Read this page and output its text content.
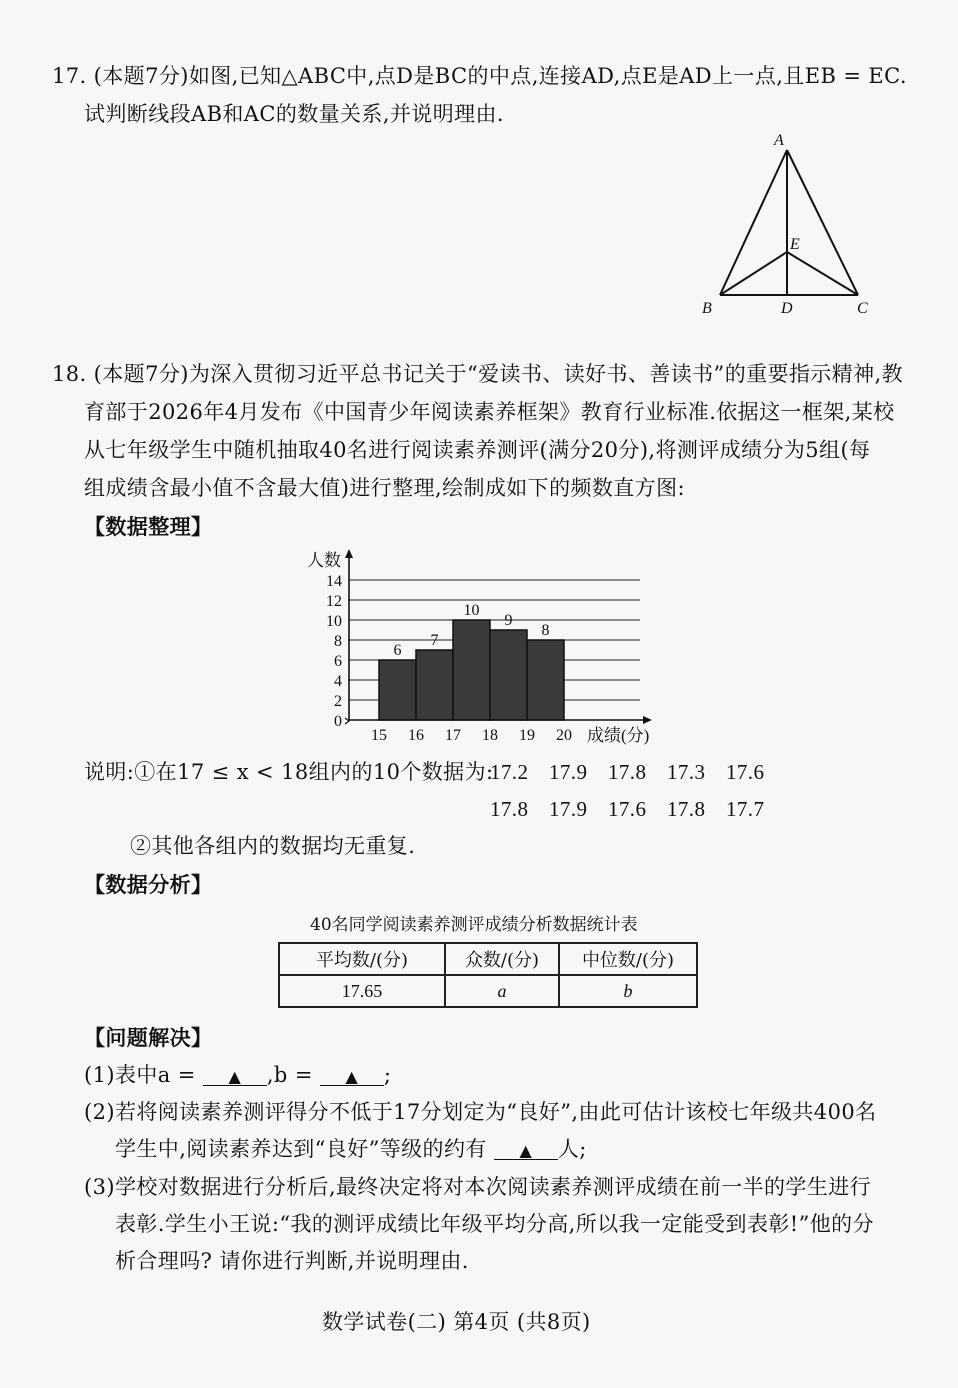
17. (本题7分)如图,已知△ABC中,点D是BC的中点,连接AD,点E是AD上一点,且EB = EC.
试判断线段AB和AC的数量关系,并说明理由.
A
E
B	D	C
18. (本题7分)为深入贯彻习近平总书记关于“爱读书、读好书、善读书”的重要指示精神,教
育部于2026年4月发布《中国青少年阅读素养框架》教育行业标准.依据这一框架,某校
从七年级学生中随机抽取40名进行阅读素养测评(满分20分),将测评成绩分为5组(每
组成绩含最小值不含最大值)进行整理,绘制成如下的频数直方图:
【数据整理】
0
2
4
6
8
10
12
14
6
7
10
9
8
15 16 17 18 19 20
人数
成绩(分)
说明:①在17 ≤ x < 18组内的10个数据为:
17.2 17.9 17.8 17.3 17.6
17.8 17.9 17.6 17.8 17.7
②其他各组内的数据均无重复.
【数据分析】
40名同学阅读素养测评成绩分析数据统计表
平均数/(分)	众数/(分)	中位数/(分)
17.65	a	b
【问题解决】
(1)表中a = ▲ ,b = ▲ ;
(2)若将阅读素养测评得分不低于17分划定为“良好”,由此可估计该校七年级共400名
学生中,阅读素养达到“良好”等级的约有 ▲ 人;
(3)学校对数据进行分析后,最终决定将对本次阅读素养测评成绩在前一半的学生进行
表彰.学生小王说:“我的测评成绩比年级平均分高,所以我一定能受到表彰!”他的分
析合理吗? 请你进行判断,并说明理由.
数学试卷(二) 第4页 (共8页)
